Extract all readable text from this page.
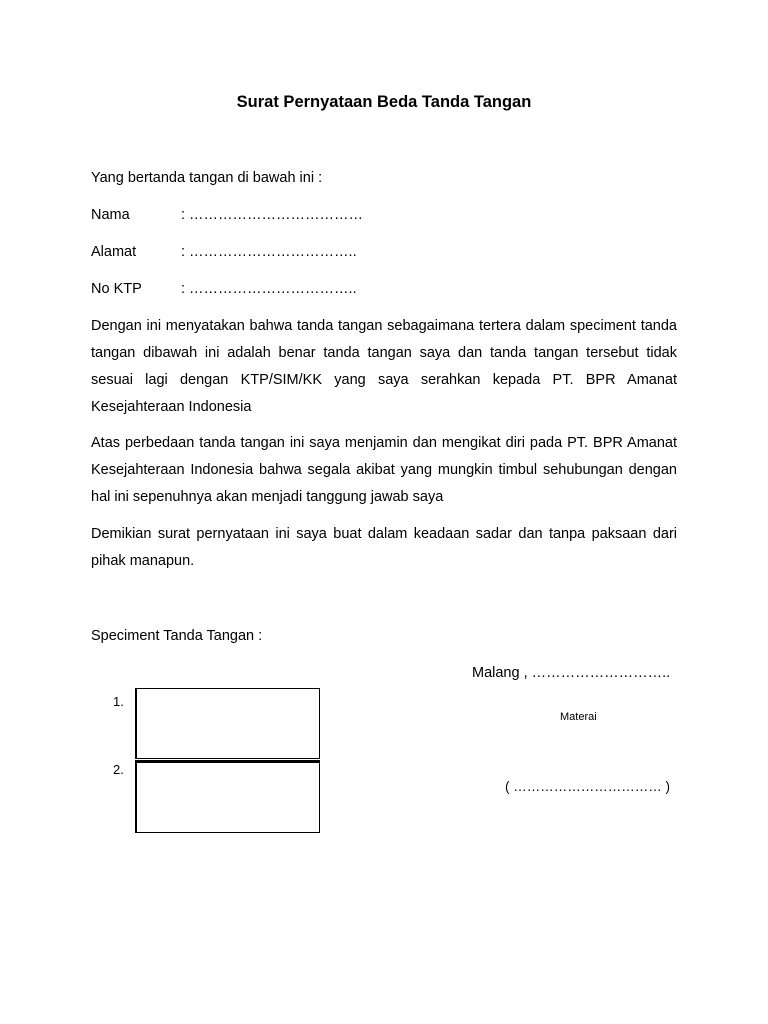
Surat Pernyataan Beda Tanda Tangan
Yang bertanda tangan di bawah ini :
Nama	: ………………………………
Alamat	: ……………………………..
No KTP	: ……………………………..

Dengan ini menyatakan bahwa tanda tangan sebagaimana tertera dalam speciment tanda tangan dibawah ini adalah benar tanda tangan saya dan tanda tangan tersebut tidak sesuai lagi dengan KTP/SIM/KK yang saya serahkan kepada PT. BPR Amanat Kesejahteraan Indonesia

Atas perbedaan tanda tangan ini saya menjamin dan mengikat diri pada PT. BPR Amanat Kesejahteraan Indonesia bahwa segala akibat yang mungkin timbul sehubungan dengan hal ini sepenuhnya akan menjadi tanggung jawab saya

Demikian surat pernyataan ini saya buat dalam keadaan sadar dan tanpa paksaan dari pihak manapun.

Speciment Tanda Tangan :
Malang , ………………………..
Materai
( …………………………… )
1.
2.
